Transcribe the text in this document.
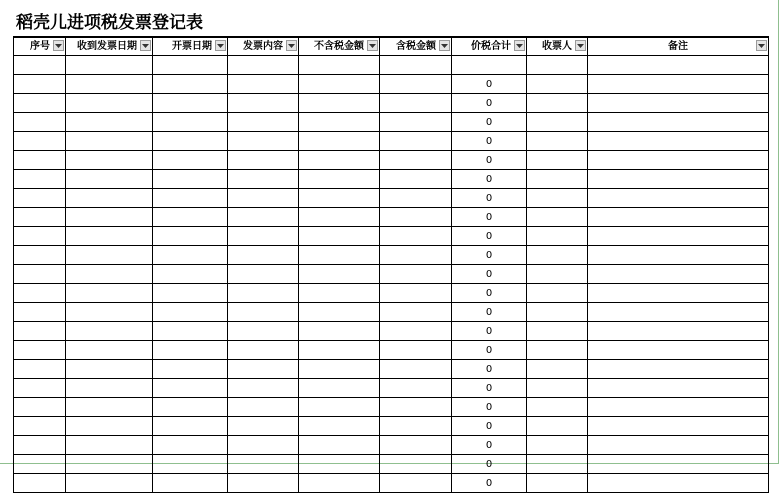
稻壳儿进项税发票登记表
序号	收到发票日期	开票日期	发票内容	不含税金额	含税金额	价税合计	收票人	备注

						0		
						0		
						0		
						0		
						0		
						0		
						0		
						0		
						0		
						0		
						0		
						0		
						0		
						0		
						0		
						0		
						0		
						0		
						0		
						0		
						0		
						0		
